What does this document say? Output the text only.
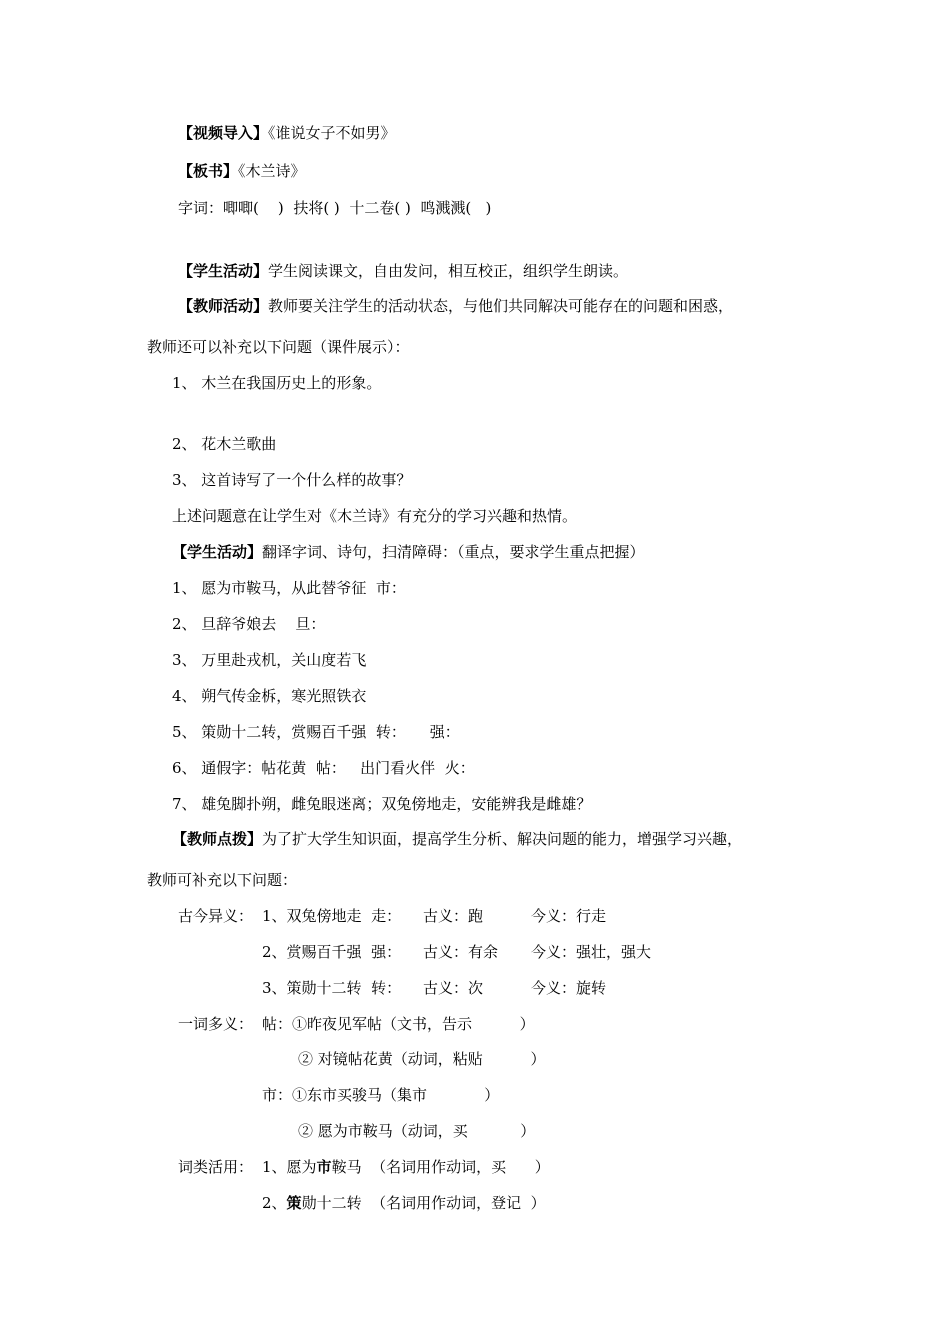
【视频导入】《谁说女子不如男》
【板书】《木兰诗》
字词：唧唧(    )  扶将( )  十二卷( )  鸣溅溅(   )
【学生活动】学生阅读课文，自由发问，相互校正，组织学生朗读。
【教师活动】教师要关注学生的活动状态，与他们共同解决可能存在的问题和困惑，
教师还可以补充以下问题（课件展示）：
1、 木兰在我国历史上的形象。
2、 花木兰歌曲
3、 这首诗写了一个什么样的故事？
上述问题意在让学生对《木兰诗》有充分的学习兴趣和热情。
【学生活动】翻译字词、诗句，扫清障碍：（重点，要求学生重点把握）
1、 愿为市鞍马，从此替爷征  市：
2、 旦辞爷娘去    旦：
3、 万里赴戎机，关山度若飞
4、 朔气传金柝，寒光照铁衣
5、 策勋十二转，赏赐百千强  转：     强：
6、 通假字：帖花黄  帖：   出门看火伴  火：
7、 雄兔脚扑朔，雌兔眼迷离；双兔傍地走，安能辨我是雌雄？
【教师点拨】为了扩大学生知识面，提高学生分析、解决问题的能力，增强学习兴趣，
教师可补充以下问题：
古今异义： 1、双兔傍地走  走： 古义：跑	今义：行走
2、赏赐百千强  强： 古义：有余 今义：强壮，强大
3、策勋十二转  转： 古义：次	今义：旋转
一词多义： 帖：①昨夜见军帖（文书，告示          ）
② 对镜帖花黄（动词，粘贴          ）
市：①东市买骏马（集市            ）
② 愿为市鞍马（动词，买           ）
词类活用： 1、愿为市鞍马  （名词用作动词，买      ）
2、策勋十二转  （名词用作动词，登记  ）
